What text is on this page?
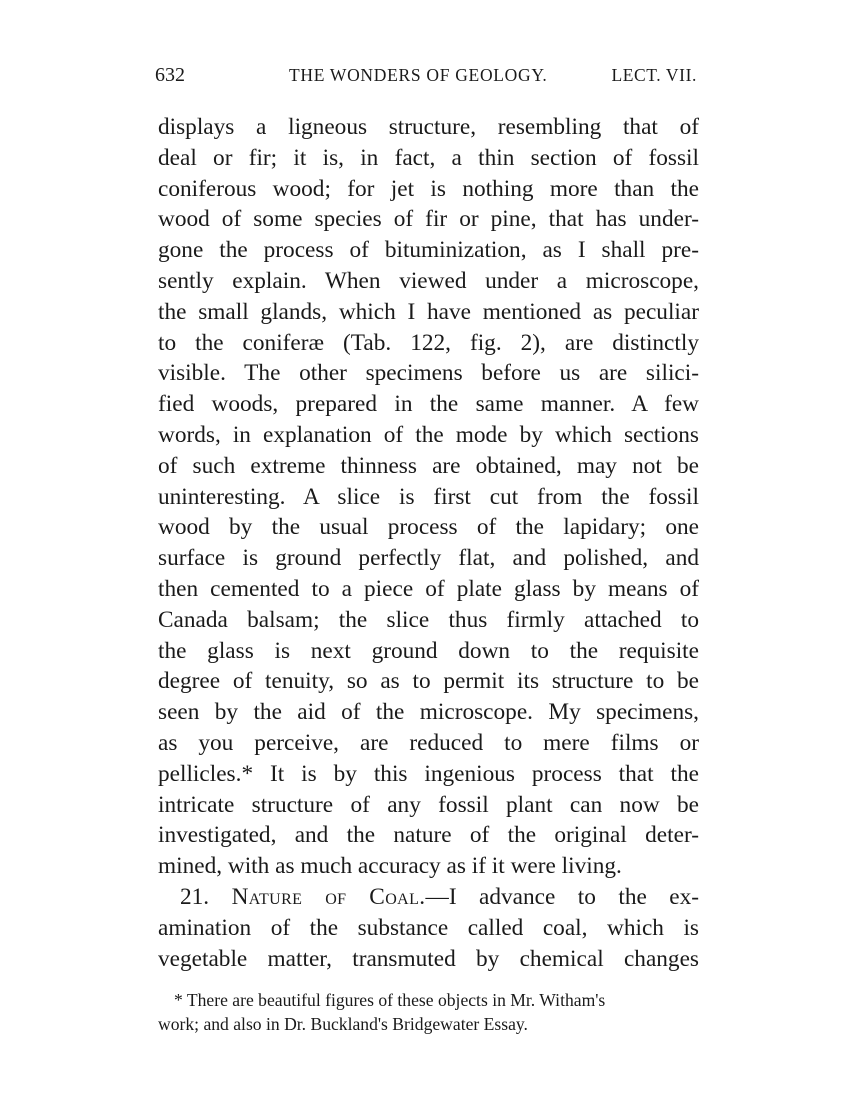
632	THE WONDERS OF GEOLOGY.	LECT. VII.
displays a ligneous structure, resembling that of
deal or fir; it is, in fact, a thin section of fossil
coniferous wood; for jet is nothing more than the
wood of some species of fir or pine, that has under-
gone the process of bituminization, as I shall pre-
sently explain. When viewed under a microscope,
the small glands, which I have mentioned as peculiar
to the coniferæ (Tab. 122, fig. 2), are distinctly
visible. The other specimens before us are silici-
fied woods, prepared in the same manner. A few
words, in explanation of the mode by which sections
of such extreme thinness are obtained, may not be
uninteresting. A slice is first cut from the fossil
wood by the usual process of the lapidary; one
surface is ground perfectly flat, and polished, and
then cemented to a piece of plate glass by means of
Canada balsam; the slice thus firmly attached to
the glass is next ground down to the requisite
degree of tenuity, so as to permit its structure to be
seen by the aid of the microscope. My specimens,
as you perceive, are reduced to mere films or
pellicles.* It is by this ingenious process that the
intricate structure of any fossil plant can now be
investigated, and the nature of the original deter-
mined, with as much accuracy as if it were living.
21. Nature of Coal.—I advance to the ex-
amination of the substance called coal, which is
vegetable matter, transmuted by chemical changes
* There are beautiful figures of these objects in Mr. Witham's
work; and also in Dr. Buckland's Bridgewater Essay.
